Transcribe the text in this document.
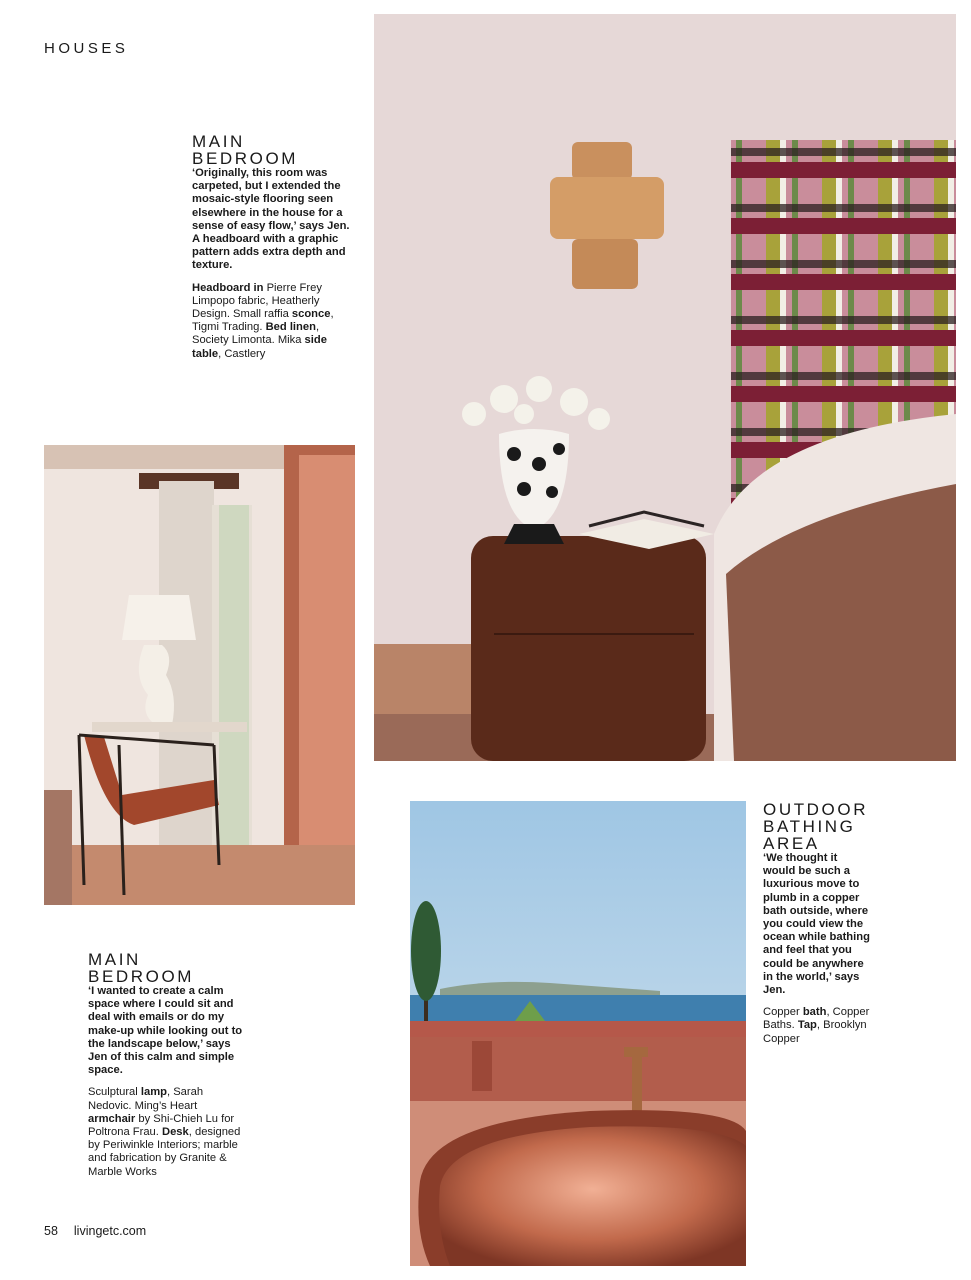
HOUSES
MAIN
BEDROOM

‘Originally, this room was carpeted, but I extended the mosaic-style flooring seen elsewhere in the house for a sense of easy flow,’ says Jen. A headboard with a graphic pattern adds extra depth and texture.

Headboard in Pierre Frey Limpopo fabric, Heatherly Design. Small raffia sconce, Tigmi Trading. Bed linen, Society Limonta. Mika side table, Castlery

MAIN
BEDROOM

‘I wanted to create a calm space where I could sit and deal with emails or do my make-up while looking out to the landscape below,’ says Jen of this calm and simple space.

Sculptural lamp, Sarah Nedovic. Ming’s Heart armchair by Shi-Chieh Lu for Poltrona Frau. Desk, designed by Periwinkle Interiors; marble and fabrication by Granite & Marble Works

OUTDOOR
BATHING
AREA

‘We thought it would be such a luxurious move to plumb in a copper bath outside, where you could view the ocean while bathing and feel that you could be anywhere in the world,’ says Jen.

Copper bath, Copper Baths. Tap, Brooklyn Copper

58 livingetc.com
